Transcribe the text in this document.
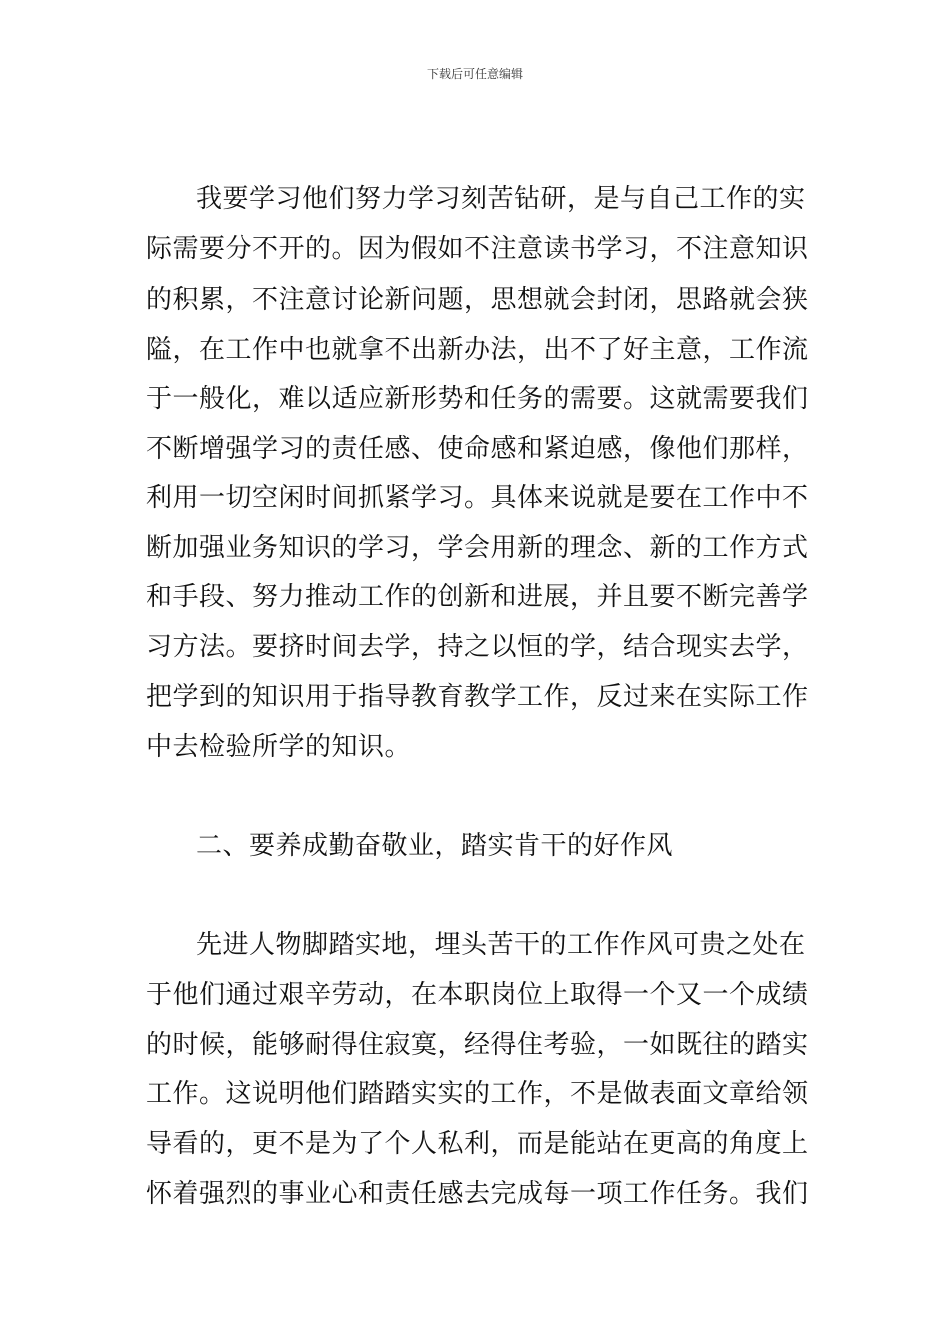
下载后可任意编辑
我要学习他们努力学习刻苦钻研，是与自己工作的实
际需要分不开的。因为假如不注意读书学习，不注意知识
的积累，不注意讨论新问题，思想就会封闭，思路就会狭
隘，在工作中也就拿不出新办法，出不了好主意，工作流
于一般化，难以适应新形势和任务的需要。这就需要我们
不断增强学习的责任感、使命感和紧迫感，像他们那样，
利用一切空闲时间抓紧学习。具体来说就是要在工作中不
断加强业务知识的学习，学会用新的理念、新的工作方式
和手段、努力推动工作的创新和进展，并且要不断完善学
习方法。要挤时间去学，持之以恒的学，结合现实去学，
把学到的知识用于指导教育教学工作，反过来在实际工作
中去检验所学的知识。
二、要养成勤奋敬业，踏实肯干的好作风
先进人物脚踏实地，埋头苦干的工作作风可贵之处在
于他们通过艰辛劳动，在本职岗位上取得一个又一个成绩
的时候，能够耐得住寂寞，经得住考验，一如既往的踏实
工作。这说明他们踏踏实实的工作，不是做表面文章给领
导看的，更不是为了个人私利，而是能站在更高的角度上
怀着强烈的事业心和责任感去完成每一项工作任务。我们
